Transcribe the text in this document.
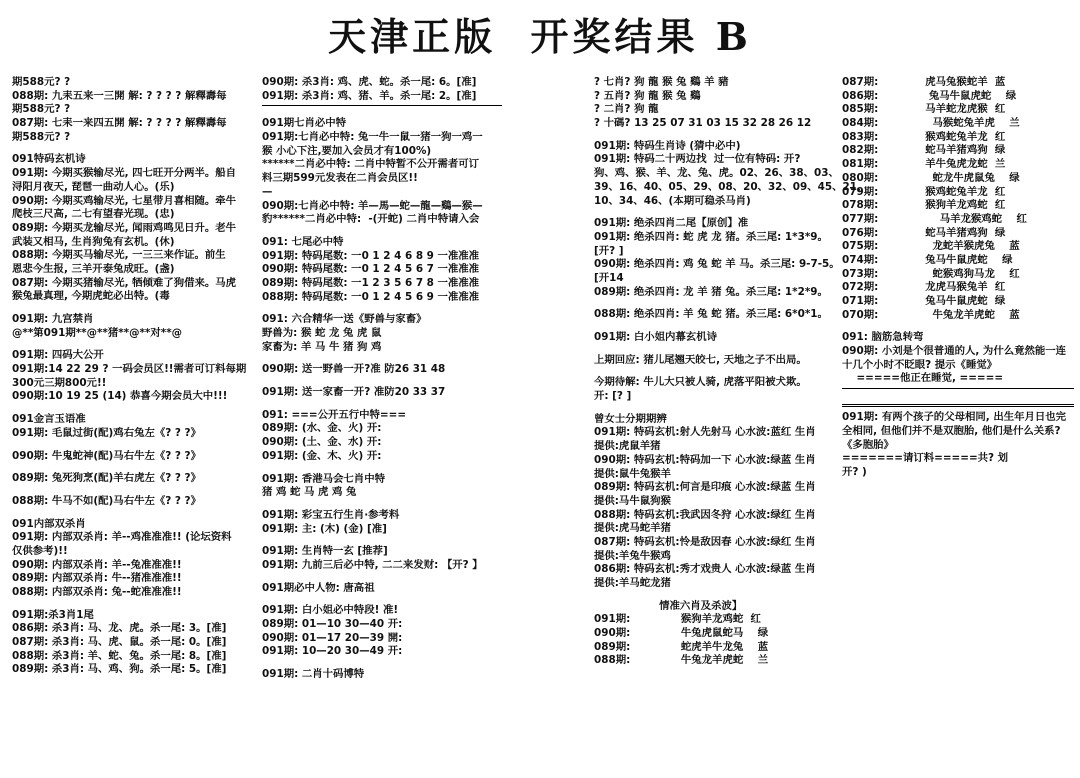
天津正版  开奖结果 B
期588元? ?
088期: 九耒五来一三開 解: ? ? ? ? 解釋壽每
期588元? ?
087期: 七耒一来四五開 解: ? ? ? ? 解釋壽每
期588元? ?
091特码玄机诗
091期: 今期买猴输尽光, 四七旺开分两半。船自
浔阳月夜天, 琵琶一曲动人心。(乐)
090期: 今期买鸡输尽光, 七星带月喜相随。牵牛
爬枝三尺高, 二七有望春光现。(忠)
089期: 今期买龙输尽光, 闻雨鸡鸣见日升。老牛
武装又相马, 生肖狗兔有玄机。(休)
088期: 今期买马输尽光, 一三三来作证。前生
恩悲今生报, 三羊开泰兔成旺。(盏)
087期: 今期买猪输尽光, 牺倾难了狗借来。马虎
猴兔最真理, 今期虎蛇必出特。(毒
091期: 九宫禁肖
@**第091期**@**猪**@**对**@
091期: 四码大公开
091期:14 22 29 ? 一码会员区!!需者可订料每期
300元三期800元!!
090期:10 19 25 (14) 恭喜今期会员大中!!!
091金言玉语准
091期: 毛鼠过街(配)鸡右兔左《? ? ?》
090期: 牛鬼蛇神(配)马右牛左《? ? ?》
089期: 兔死狗烹(配)羊右虎左《? ? ?》
088期: 牛马不如(配)马右牛左《? ? ?》
091内部双杀肖
091期: 内部双杀肖: 羊--鸡准准准!! (论坛资料
仅供参考)!!
090期: 内部双杀肖: 羊--兔准准准!!
089期: 内部双杀肖: 牛--猪准准准!!
088期: 内部双杀肖: 兔--蛇准准准!!
091期:杀3肖1尾
086期: 杀3肖: 马、龙、虎。杀一尾: 3。[准]
087期: 杀3肖: 马、虎、鼠。杀一尾: 0。[准]
088期: 杀3肖: 羊、蛇、兔。杀一尾: 8。[准]
089期: 杀3肖: 马、鸡、狗。杀一尾: 5。[准]
090期: 杀3肖: 鸡、虎、蛇。杀一尾: 6。[准]
091期: 杀3肖: 鸡、猪、羊。杀一尾: 2。[准]
091期七肖必中特
091期:七肖必中特: 兔一牛一鼠一猪一狗一鸡一
猴 小心下注,要加入会员才有100%)
******二肖必中特: 二肖中特暂不公开需者可订
料三期599元发表在二肖会员区!!
—
090期:七肖必中特: 羊—馬—蛇—龍—鷄—猴—
豹******二肖必中特:  -(开蛇) 二肖中特请入会
091: 七尾必中特
091期: 特码尾数: 一0 1 2 4 6 8 9 一准准准
090期: 特码尾数: 一0 1 2 4 5 6 7 一准准准
089期: 特码尾数: 一1 2 3 5 6 7 8 一准准准
088期: 特码尾数: 一0 1 2 4 5 6 9 一准准准
091: 六合精华一送《野兽与家畜》
野兽为: 猴 蛇 龙 兔 虎 鼠
家畜为: 羊 马 牛 猪 狗 鸡
090期: 送一野兽一开?准 防26 31 48
091期: 送一家畜一开? 准防20 33 37
091: ===公开五行中特===
089期: (水、金、火) 开:
090期: (土、金、水) 开:
091期: (金、木、火) 开:
091期: 香港马会七肖中特
猪 鸡 蛇 马 虎 鸡 兔
091期: 彩宝五行生肖·参考料
091期: 主: (木) (金) [准]
091期: 生肖特一玄 [推荐]
091期: 九前三后必中特, 二二来发财: 【开? 】
091期必中人物: 唐高祖
091期: 白小姐必中特段! 准!
089期: 01—10 30—40 开:
090期: 01—17 20—39 開:
091期: 10—20 30—49 开:
091期: 二肖十码博特
? 七肖? 狗 龍 猴 兔 鷄 羊 豬
? 五肖? 狗 龍 猴 兔 鷄
? 二肖? 狗 龍
? 十碼? 13 25 07 31 03 15 32 28 26 12
091期: 特码生肖诗 (猜中必中)
091期: 特码二十两边找  过一位有特码: 开?
狗、鸡、猴、羊、龙、兔、虎。02、26、38、03、
39、16、40、05、29、08、20、32、09、45、21、
10、34、46、(本期可稳杀马肖)
091期: 绝杀四肖二尾【原创】准
091期: 绝杀四肖: 蛇 虎 龙 猪。杀三尾: 1*3*9。
[开? ]
090期: 绝杀四肖: 鸡 兔 蛇 羊 马。杀三尾: 9-7-5。
[开14
089期: 绝杀四肖: 龙 羊 猪 兔。杀三尾: 1*2*9。
088期: 绝杀四肖: 羊 兔 蛇 猪。杀三尾: 6*0*1。
091期: 白小姐内幕玄机诗
上期回应: 猪儿尾翘天皎七, 天地之子不出局。
今期待解: 牛儿大只被人骑, 虎落平阳被犬欺。
开: [? ]
曾女士分期期辨
091期: 特码玄机:射人先射马 心水波:蓝红 生肖
提供:虎鼠羊猪
090期: 特码玄机:特码加一下 心水波:绿蓝 生肖
提供:鼠牛兔猴羊
089期: 特码玄机:何言是印痕 心水波:绿蓝 生肖
提供:马牛鼠狗猴
088期: 特码玄机:我武因冬狩 心水波:绿红 生肖
提供:虎马蛇羊猪
087期: 特码玄机:怜是敌因春 心水波:绿红 生肖
提供:羊兔牛猴鸡
086期: 特码玄机:秀才戏贵人 心水波:绿蓝 生肖
提供:羊马蛇龙猪
情准六肖及杀波】
091期:              猴狗羊龙鸡蛇  红
090期:              牛兔虎鼠蛇马    绿
089期:              蛇虎羊牛龙兔    蓝
088期:              牛兔龙羊虎蛇    兰
087期:             虎马兔猴蛇羊  蓝
086期:              兔马牛鼠虎蛇    绿
085期:             马羊蛇龙虎猴  红
084期:               马猴蛇兔羊虎    兰
083期:             猴鸡蛇兔羊龙  红
082期:             蛇马羊猪鸡狗  绿
081期:             羊牛兔虎龙蛇  兰
080期:               蛇龙牛虎鼠兔    绿
079期:             猴鸡蛇兔羊龙  红
078期:             猴狗羊龙鸡蛇  红
077期:                 马羊龙猴鸡蛇    红
076期:             蛇马羊猪鸡狗  绿
075期:               龙蛇羊猴虎兔    蓝
074期:             兔马牛鼠虎蛇    绿
073期:               蛇猴鸡狗马龙    红
072期:             龙虎马猴兔羊  红
071期:             兔马牛鼠虎蛇  绿
070期:               牛兔龙羊虎蛇    蓝
091: 脑筋急转弯
090期: 小刘是个很普通的人, 为什么竟然能一连
十几个小时不眨眼? 提示《睡觉》
=====他正在睡觉, =====
091期: 有两个孩子的父母相同, 出生年月日也完
全相同, 但他们并不是双胞胎, 他们是什么关系?
《多胞胎》
=======请订料=====共? 划
开? )
